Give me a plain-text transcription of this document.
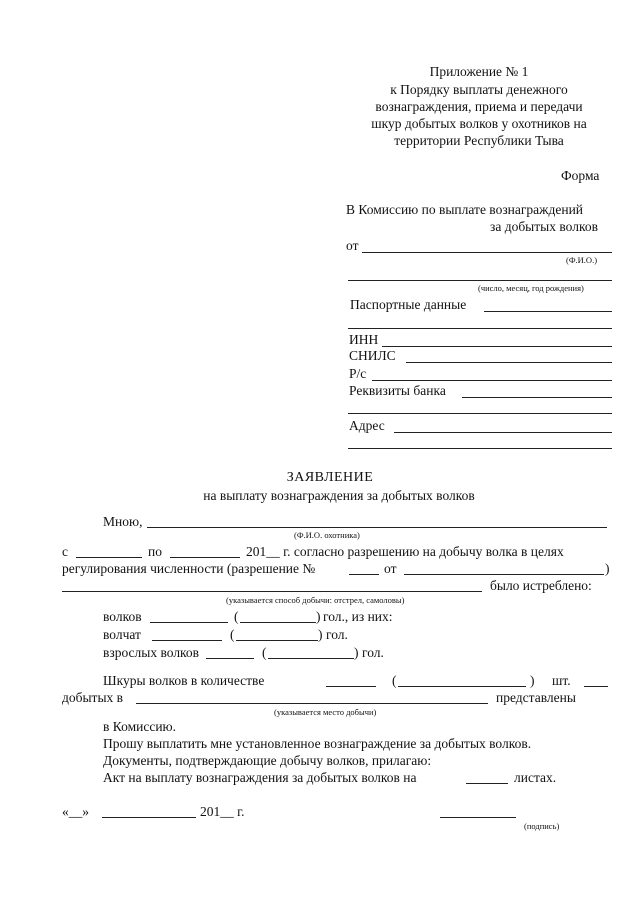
Приложение № 1
к Порядку выплаты денежного
вознаграждения, приема и передачи
шкур добытых волков у охотников на
территории Республики Тыва
Форма
В Комиссию по выплате вознаграждений
за добытых волков
от
(Ф.И.О.)
(число, месяц, год рождения)
Паспортные данные
ИНН
СНИЛС
Р/с
Реквизиты банка
Адрес
ЗАЯВЛЕНИЕ
на выплату вознаграждения за добытых волков
Мною,
(Ф.И.О. охотника)
с	по	201__ г. согласно разрешению на добычу волка в целях
регулирования численности (разрешение №	от	)
было истреблено:
(указывается способ добычи: отстрел, самоловы)
волков	(	) гол., из них:
волчат	(	) гол.
взрослых волков	(	) гол.
Шкуры волков в количестве	(	) шт.
добытых в	представлены
(указывается место добычи)
в Комиссию.
Прошу выплатить мне установленное вознаграждение за добытых волков.
Документы, подтверждающие добычу волков, прилагаю:
Акт на выплату вознаграждения за добытых волков на	листах.
«__»	201__ г.
(подпись)
